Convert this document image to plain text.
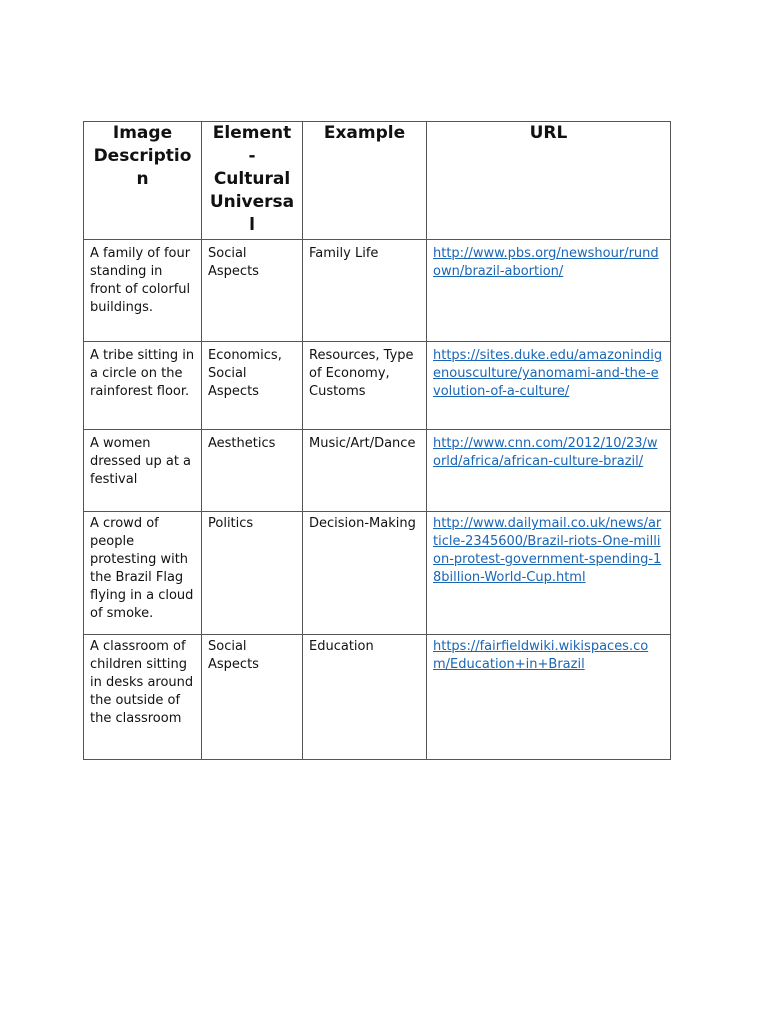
Image Descriptio n	Element - Cultural Universa l	Example	URL
A family of four standing in front of colorful buildings.	Social Aspects	Family Life	http://www.pbs.org/newshour/rundown/brazil-abortion/
A tribe sitting in a circle on the rainforest floor.	Economics, Social Aspects	Resources, Type of Economy, Customs	https://sites.duke.edu/amazonindigenousculture/yanomami-and-the-evolution-of-a-culture/
A women dressed up at a festival	Aesthetics	Music/Art/Dance	http://www.cnn.com/2012/10/23/world/africa/african-culture-brazil/
A crowd of people protesting with the Brazil Flag flying in a cloud of smoke.	Politics	Decision-Making	http://www.dailymail.co.uk/news/article-2345600/Brazil-riots-One-million-protest-government-spending-18billion-World-Cup.html
A classroom of children sitting in desks around the outside of the classroom	Social Aspects	Education	https://fairfieldwiki.wikispaces.com/Education+in+Brazil
